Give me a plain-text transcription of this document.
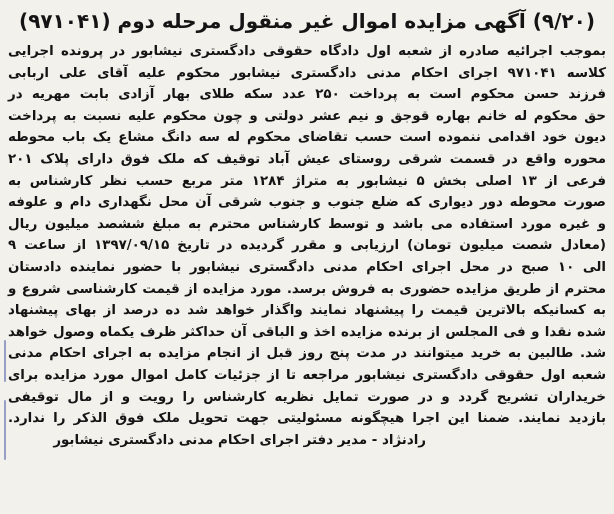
(۹/۲۰) آگهی مزایده اموال غیر منقول مرحله دوم (۹۷۱۰۴۱)
بموجب اجرائیه صادره از شعبه اول دادگاه حقوقی دادگستری نیشابور در پرونده اجرایی
کلاسه ۹۷۱۰۴۱ اجرای احکام مدنی دادگستری نیشابور محکوم علیه آقای علی اربابی
فرزند حسن محکوم است به پرداخت ۲۵۰ عدد سکه طلای بهار آزادی بابت مهریه در
حق محکوم له خانم بهاره قوجق و نیم عشر دولتی و چون محکوم علیه نسبت به پرداخت
دیون خود اقدامی ننموده است حسب تقاضای محکوم له سه دانگ مشاع یک باب محوطه
محوره واقع در قسمت شرقی روستای عیش آباد توقیف که ملک فوق دارای پلاک ۲۰۱
فرعی از ۱۳ اصلی بخش ۵ نیشابور به متراژ ۱۲۸۴ متر مربع حسب نظر کارشناس به
صورت محوطه دور دیواری که ضلع جنوب و جنوب شرقی آن محل نگهداری دام و علوفه
و غیره مورد استفاده می باشد و توسط کارشناس محترم به مبلغ ششصد میلیون ریال
(معادل شصت میلیون تومان) ارزیابی و مقرر گردیده در تاریخ ۱۳۹۷/۰۹/۱۵ از ساعت ۹
الی ۱۰ صبح در محل اجرای احکام مدنی دادگستری نیشابور با حضور نماینده دادستان
محترم از طریق مزایده حضوری به فروش برسد. مورد مزایده از قیمت کارشناسی شروع و
به کسانیکه بالاترین قیمت را پیشنهاد نمایند واگذار خواهد شد ده درصد از بهای پیشنهاد
شده نقدا و فی المجلس از برنده مزایده اخذ و الباقی آن حداکثر ظرف یکماه وصول خواهد
شد. طالبین به خرید میتوانند در مدت پنج روز قبل از انجام مزایده به اجرای احکام مدنی
شعبه اول حقوقی دادگستری نیشابور مراجعه تا از جزئیات کامل اموال مورد مزایده برای
خریداران تشریح گردد و در صورت تمایل نظریه کارشناس را رویت و از مال توقیفی
بازدید نمایند. ضمنا این اجرا هیچگونه مسئولیتی جهت تحویل ملک فوق الذکر را ندارد.
رادنژاد - مدیر دفتر اجرای احکام مدنی دادگستری نیشابور
